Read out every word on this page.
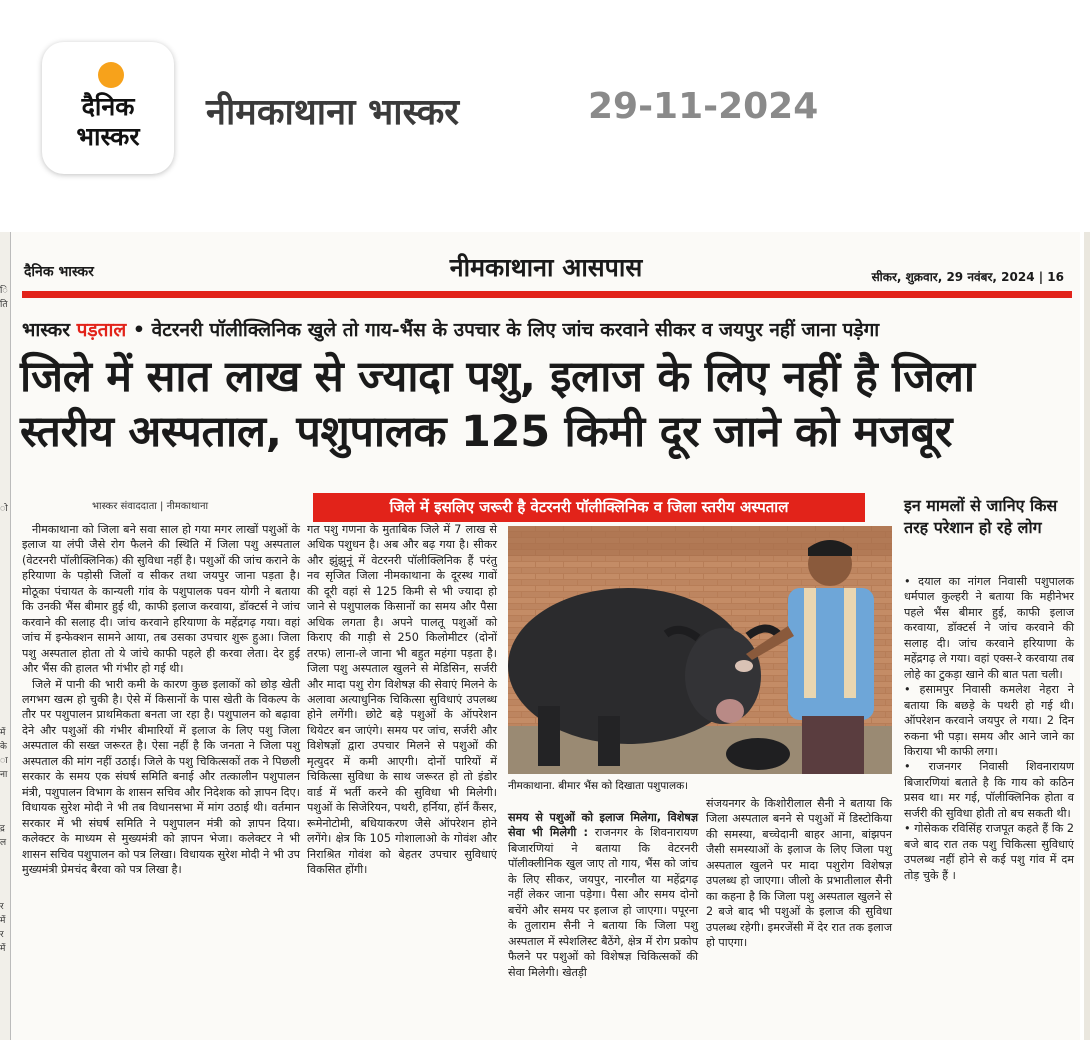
दैनिक
भास्कर
नीमकाथाना भास्कर	29-11-2024
ि
ति
ो
में
के
ा
ना
द्र
ल
र
में
र
में
दैनिक भास्कर	नीमकाथाना आसपास	सीकर, शुक्रवार, 29 नवंबर, 2024 | 16
भास्कर पड़ताल • वेटरनरी पॉलीक्लिनिक खुले तो गाय-भैंस के उपचार के लिए जांच करवाने सीकर व जयपुर नहीं जाना पड़ेगा
जिले में सात लाख से ज्यादा पशु, इलाज के लिए नहीं है जिला स्तरीय अस्पताल, पशुपालक 125 किमी दूर जाने को मजबूर
भास्कर संवाददाता | नीमकाथाना

नीमकाथाना को जिला बने सवा साल हो गया मगर लाखों पशुओं के इलाज या लंपी जैसे रोग फैलने की स्थिति में जिला पशु अस्पताल (वेटरनरी पॉलीक्लिनिक) की सुविधा नहीं है। पशुओं की जांच कराने के हरियाणा के पड़ोसी जिलों व सीकर तथा जयपुर जाना पड़ता है। मोठूका पंचायत के कान्यली गांव के पशुपालक पवन योगी ने बताया कि उनकी भैंस बीमार हुई थी, काफी इलाज करवाया, डॉक्टर्स ने जांच करवाने की सलाह दी। जांच करवाने हरियाणा के महेंद्रगढ़ गया। वहां जांच में इन्फेक्शन सामने आया, तब उसका उपचार शुरू हुआ। जिला पशु अस्पताल होता तो ये जांचे काफी पहले ही करवा लेता। देर हुई और भैंस की हालत भी गंभीर हो गई थी।

जिले में पानी की भारी कमी के कारण कुछ इलाकों को छोड़ खेती लगभग खत्म हो चुकी है। ऐसे में किसानों के पास खेती के विकल्प के तौर पर पशुपालन प्राथमिकता बनता जा रहा है। पशुपालन को बढ़ावा देने और पशुओं की गंभीर बीमारियों में इलाज के लिए पशु जिला अस्पताल की सख्त जरूरत है। ऐसा नहीं है कि जनता ने जिला पशु अस्पताल की मांग नहीं उठाई। जिले के पशु चिकित्सकों तक ने पिछली सरकार के समय एक संघर्ष समिति बनाई और तत्कालीन पशुपालन मंत्री, पशुपालन विभाग के शासन सचिव और निदेशक को ज्ञापन दिए। विधायक सुरेश मोदी ने भी तब विधानसभा में मांग उठाई थी। वर्तमान सरकार में भी संघर्ष समिति ने पशुपालन मंत्री को ज्ञापन दिया। कलेक्टर के माध्यम से मुख्यमंत्री को ज्ञापन भेजा। कलेक्टर ने भी शासन सचिव पशुपालन को पत्र लिखा। विधायक सुरेश मोदी ने भी उप मुख्यमंत्री प्रेमचंद बैरवा को पत्र लिखा है।

गत पशु गणना के मुताबिक जिले में 7 लाख से अधिक पशुधन है। अब और बढ़ गया है। सीकर और झुंझुनूं में वेटरनरी पॉलीक्लिनिक हैं परंतु नव सृजित जिला नीमकाथाना के दूरस्थ गावों की दूरी वहां से 125 किमी से भी ज्यादा हो जाने से पशुपालक किसानों का समय और पैसा अधिक लगता है। अपने पालतू पशुओं को किराए की गाड़ी से 250 किलोमीटर (दोनों तरफ) लाना-ले जाना भी बहुत महंगा पड़ता है। जिला पशु अस्पताल खुलने से मेडिसिन, सर्जरी और मादा पशु रोग विशेषज्ञ की सेवाएं मिलने के अलावा अत्याधुनिक चिकित्सा सुविधाएं उपलब्ध होने लगेंगी। छोटे बड़े पशुओं के ऑपरेशन थियेटर बन जाएंगे। समय पर जांच, सर्जरी और विशेषज्ञों द्वारा उपचार मिलने से पशुओं की मृत्युदर में कमी आएगी। दोनों पारियों में चिकित्सा सुविधा के साथ जरूरत हो तो इंडोर वार्ड में भर्ती करने की सुविधा भी मिलेगी। पशुओं के सिजेरियन, पथरी, हर्निया, हॉर्न कैंसर, रूमेनोटोमी, बधियाकरण जैसे ऑपरेशन होने लगेंगे। क्षेत्र कि 105 गोशालाओ के गोवंश और निराश्रित गोवंश को बेहतर उपचार सुविधाएं विकसित होंगी।

जिले में इसलिए जरूरी है वेटरनरी पॉलीक्लिनिक व जिला स्तरीय अस्पताल
नीमकाथाना. बीमार भैंस को दिखाता पशुपालक।

समय से पशुओं को इलाज मिलेगा, विशेषज्ञ सेवा भी मिलेगी : राजनगर के शिवनारायण बिजारणियां ने बताया कि वेटरनरी पॉलीक्लीनिक खुल जाए तो गाय, भैंस को जांच के लिए सीकर, जयपुर, नारनौल या महेंद्रगढ़ नहीं लेकर जाना पड़ेगा। पैसा और समय दोनो बचेंगे और समय पर इलाज हो जाएगा। पपूरना के तुलाराम सैनी ने बताया कि जिला पशु अस्पताल में स्पेशलिस्ट बैठेंगे, क्षेत्र में रोग प्रकोप फैलने पर पशुओं को विशेषज्ञ चिकित्सकों की सेवा मिलेगी। खेतड़ी

संजयनगर के किशोरीलाल सैनी ने बताया कि जिला अस्पताल बनने से पशुओं में डिस्टोकिया की समस्या, बच्चेदानी बाहर आना, बांझपन जैसी समस्याओं के इलाज के लिए जिला पशु अस्पताल खुलने पर मादा पशुरोग विशेषज्ञ उपलब्ध हो जाएगा। जीलो के प्रभातीलाल सैनी का कहना है कि जिला पशु अस्पताल खुलने से 2 बजे बाद भी पशुओं के इलाज की सुविधा उपलब्ध रहेगी। इमरजेंसी में देर रात तक इलाज हो पाएगा।

इन मामलों से जानिए किस तरह परेशान हो रहे लोग

• दयाल का नांगल निवासी पशुपालक धर्मपाल कुल्हरी ने बताया कि महीनेभर पहले भैंस बीमार हुई, काफी इलाज करवाया, डॉक्टर्स ने जांच करवाने की सलाह दी। जांच करवाने हरियाणा के महेंद्रगढ़ ले गया। वहां एक्स-रे करवाया तब लोहे का टुकड़ा खाने की बात पता चली।

• हसामपुर निवासी कमलेश नेहरा ने बताया कि बछड़े के पथरी हो गई थी। ऑपरेशन करवाने जयपुर ले गया। 2 दिन रुकना भी पड़ा। समय और आने जाने का किराया भी काफी लगा।

• राजनगर निवासी शिवनारायण बिजारणियां बताते है कि गाय को कठिन प्रसव था। मर गई, पॉलीक्लिनिक होता व सर्जरी की सुविधा होती तो बच सकती थी।

• गोसेकक रविसिंह राजपूत कहते हैं कि 2 बजे बाद रात तक पशु चिकित्सा सुविधाएं उपलब्ध नहीं होने से कई पशु गांव में दम तोड़ चुके हैं ।
